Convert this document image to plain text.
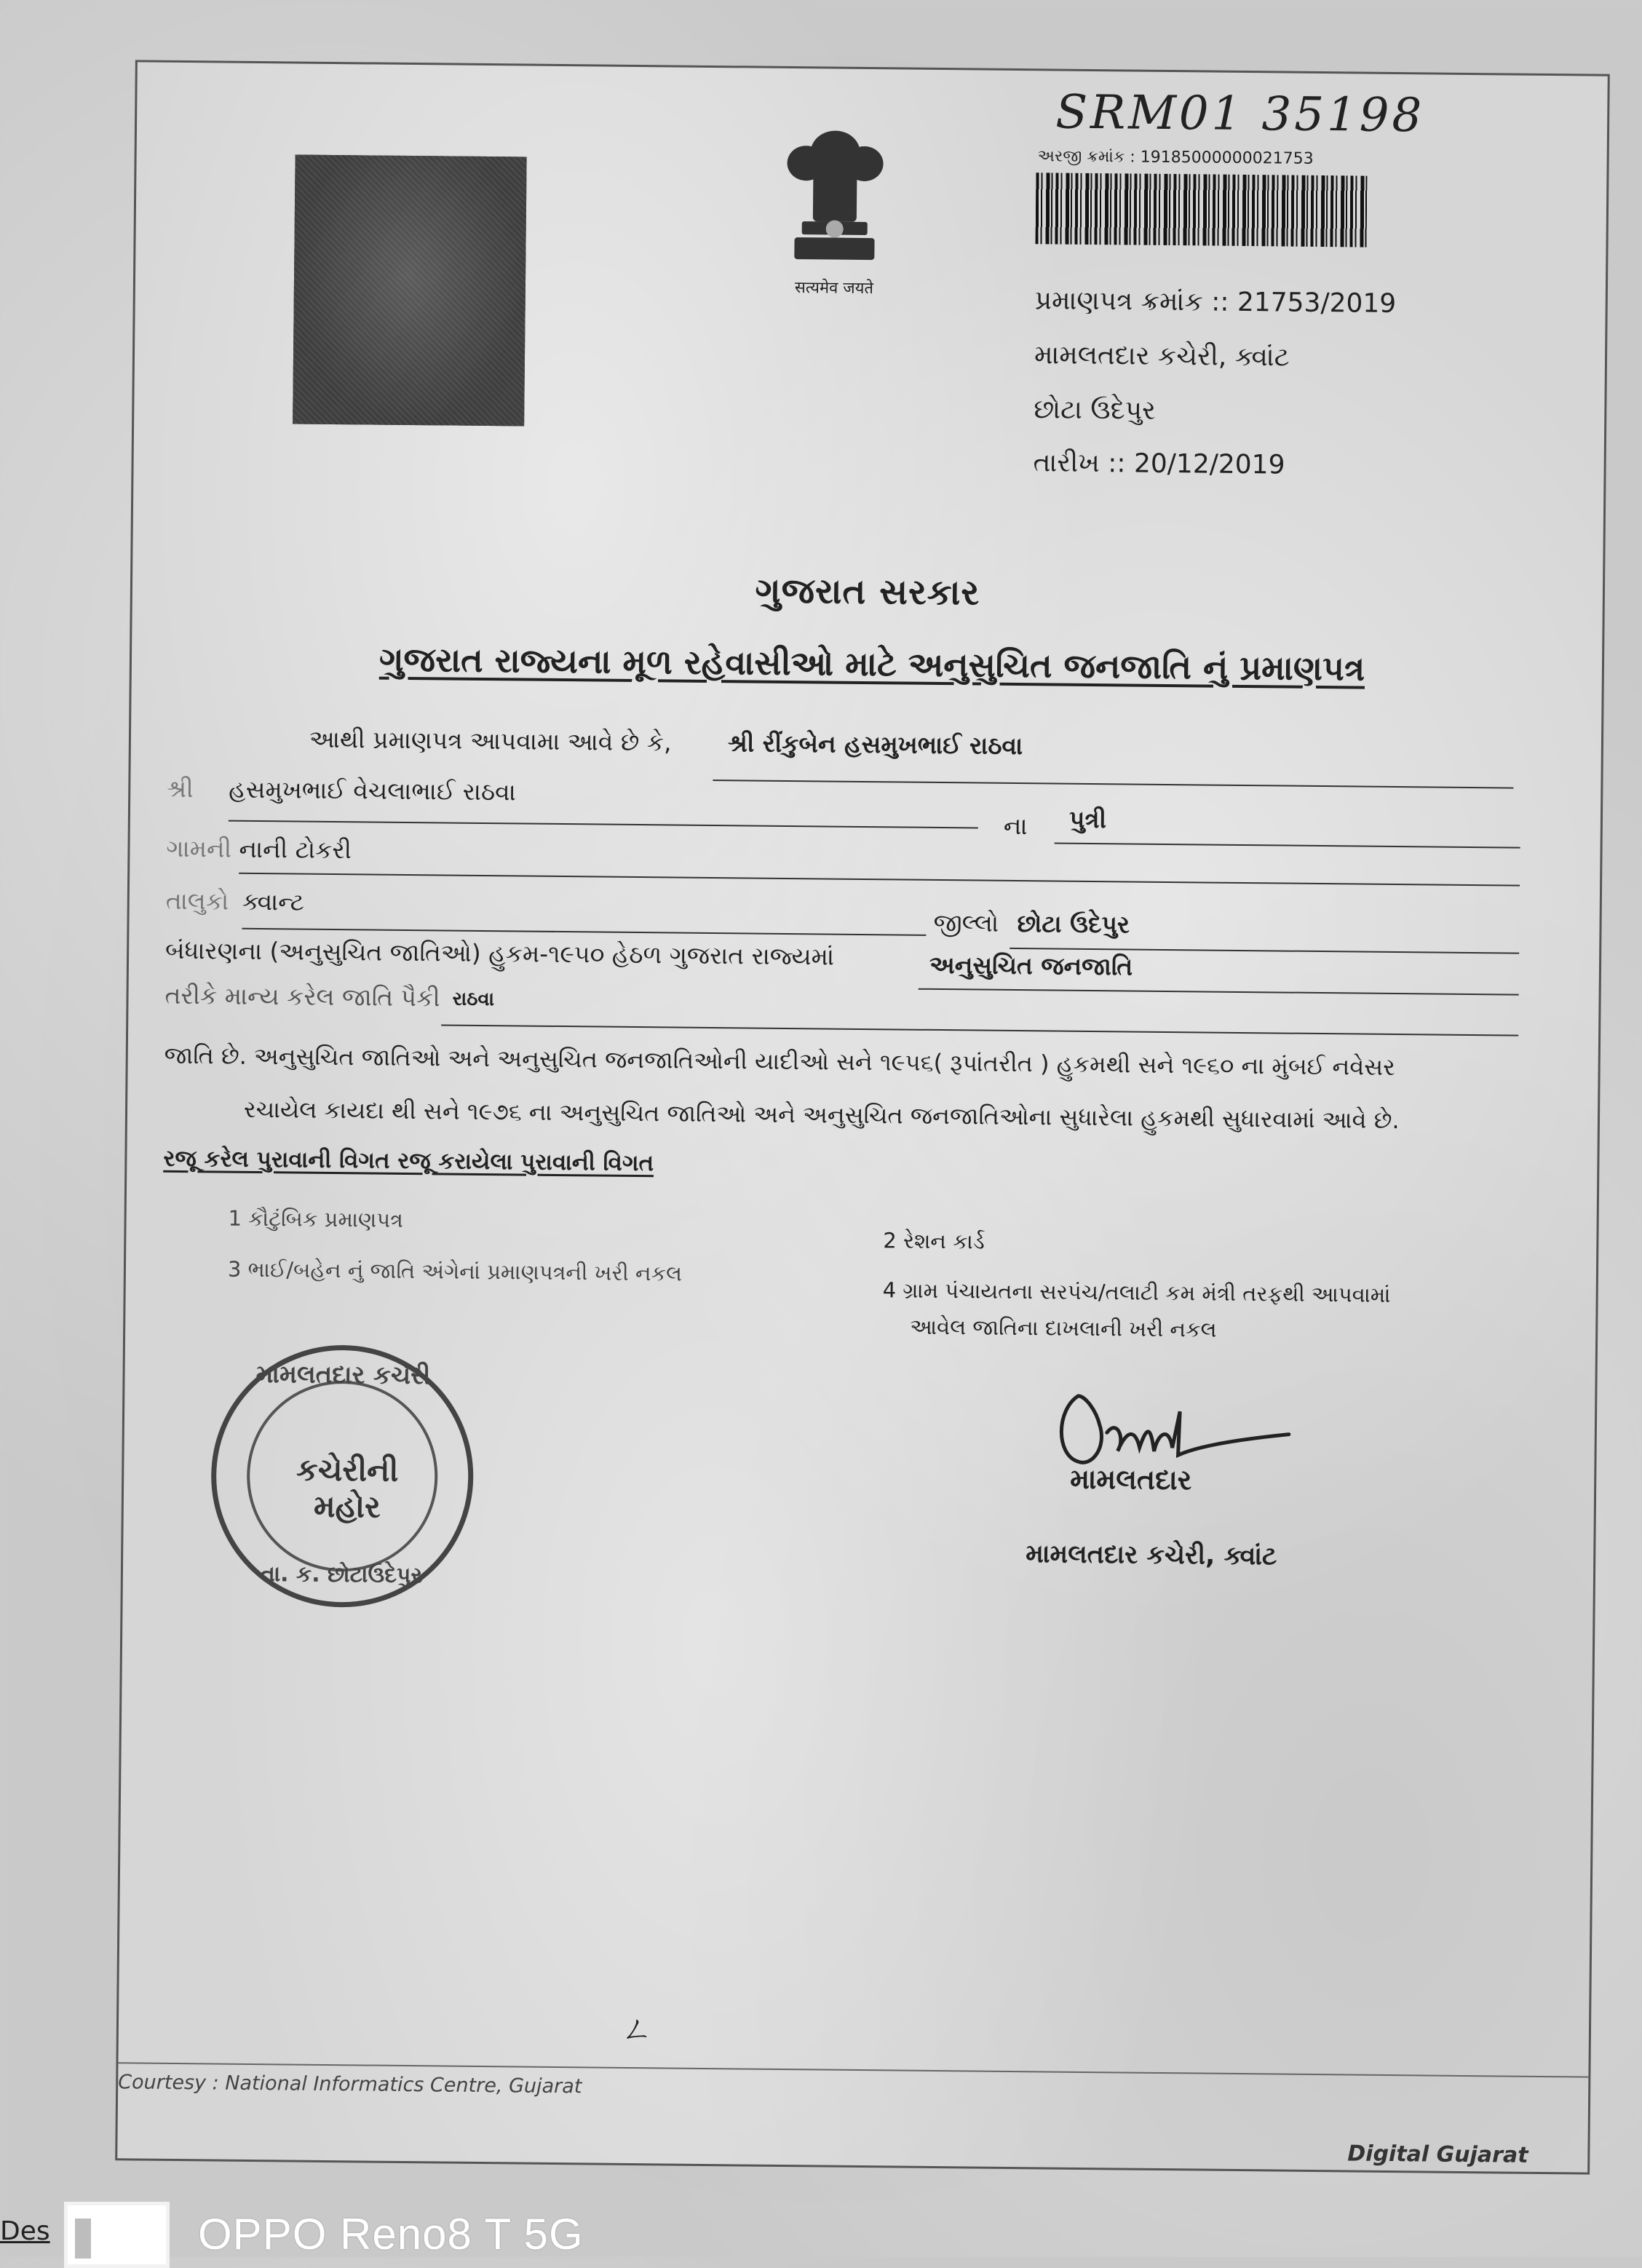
सत्यमेव जयते
SRM01 35198
અરજી ક્રમાંક : 19185000000021753
પ્રમાણપત્ર ક્રમાંક :: 21753/2019
મામલતદાર કચેરી, ક્વાંટ
છોટા ઉદેપુર
તારીખ :: 20/12/2019
ગુજરાત સરકાર
ગુજરાત રાજ્યના મૂળ રહેવાસીઓ માટે અનુસુચિત જનજાતિ નું પ્રમાણપત્ર
આથી પ્રમાણપત્ર આપવામા આવે છે કે, શ્રી રીંકુબેન હસમુખભાઈ રાઠવા
શ્રી હસમુખભાઈ વેચલાભાઈ રાઠવા
ના પુત્રી
ગામની નાની ટોકરી
તાલુકો ક્વાન્ટ
જીલ્લો છોટા ઉદેપુર
બંધારણના (અનુસુચિત જાતિઓ) હુકમ-૧૯૫૦ હેઠળ ગુજરાત રાજ્યમાં	અનુસુચિત જનજાતિ
તરીકે માન્ય કરેલ જાતિ પૈકી રાઠવા
જાતિ છે. અનુસુચિત જાતિઓ અને અનુસુચિત જનજાતિઓની યાદીઓ સને ૧૯૫૬( રૂપાંતરીત ) હુકમથી સને ૧૯૬૦ ના મુંબઈ નવેસર
રચાયેલ કાયદા થી સને ૧૯૭૬ ના અનુસુચિત જાતિઓ અને અનુસુચિત જનજાતિઓના સુધારેલા હુકમથી સુધારવામાં આવે છે.
રજૂ કરેલ પુરાવાની વિગત રજૂ કરાયેલા પુરાવાની વિગત
1 કૌટુંબિક પ્રમાણપત્ર
3 ભાઈ/બહેન નું જાતિ અંગેનાં પ્રમાણપત્રની ખરી નકલ
2 રેશન કાર્ડ
4 ગ્રામ પંચાયતના સરપંચ/તલાટી કમ મંત્રી તરફથી આપવામાં
આવેલ જાતિના દાખલાની ખરી નકલ
મામલતદાર કચેરી
કચેરીની મહોર
તા. ક. છોટાઉદેપુર
મામલતદાર
મામલતદાર કચેરી, ક્વાંટ
ㄥ
Courtesy : National Informatics Centre, Gujarat
Digital Gujarat
Des	OPPO Reno8 T 5G
